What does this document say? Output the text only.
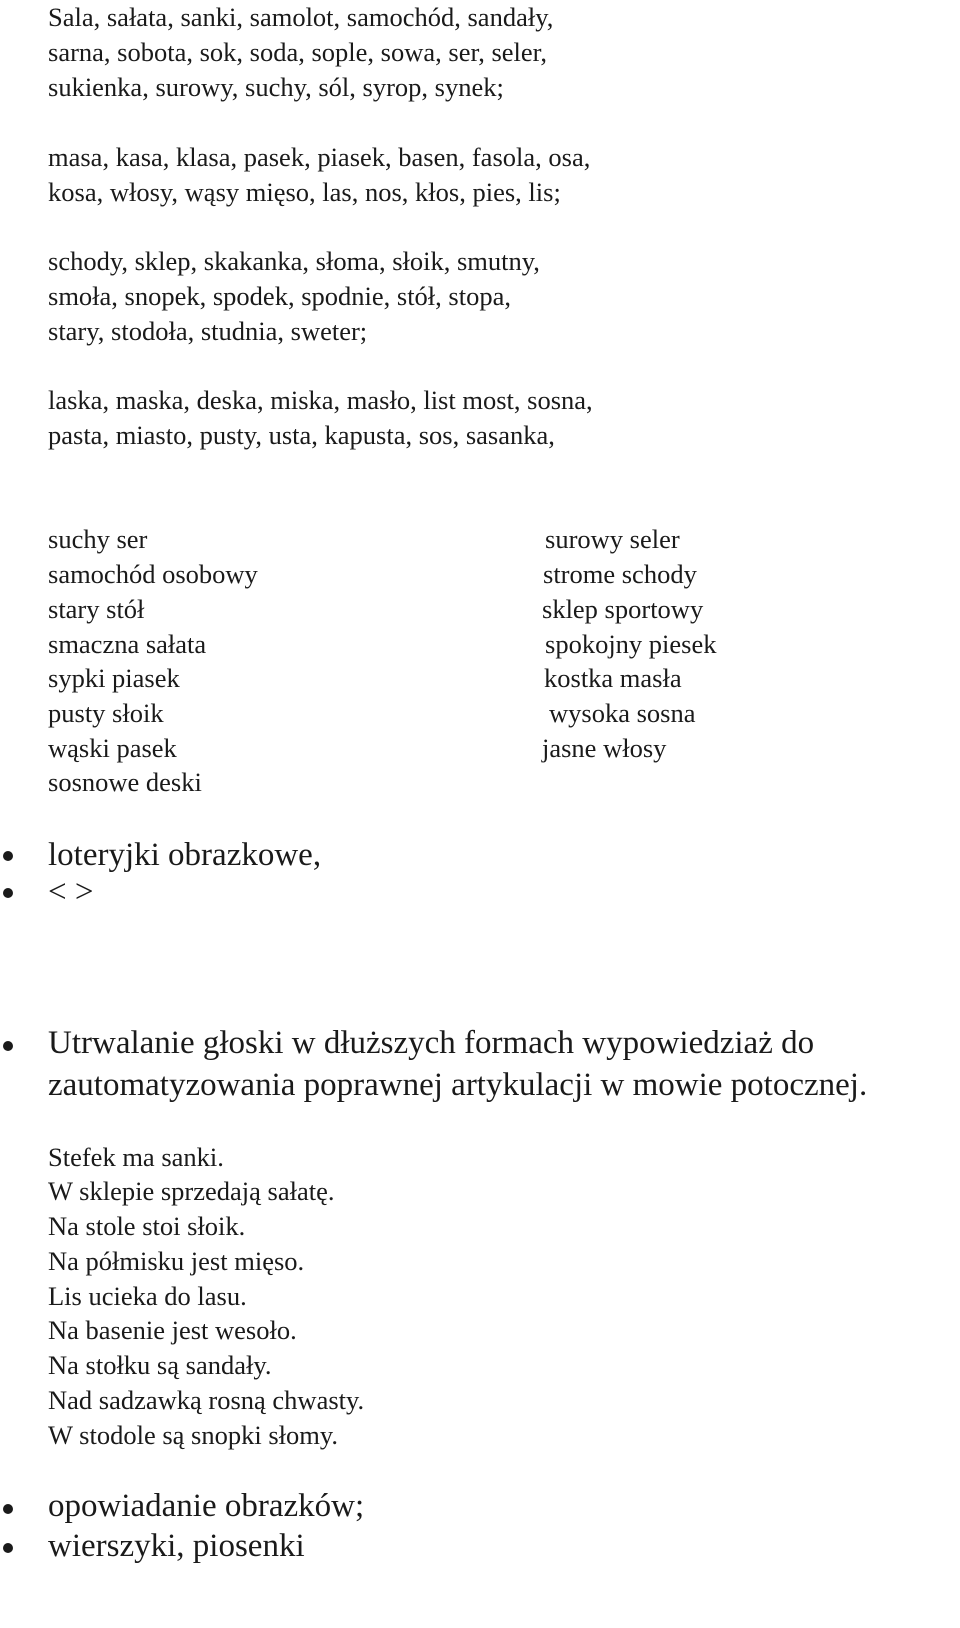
Sala, sałata, sanki, samolot, samochód, sandały,
sarna, sobota, sok, soda, sople, sowa, ser, seler,
sukienka, surowy, suchy, sól, syrop, synek;
masa, kasa, klasa, pasek, piasek, basen, fasola, osa,
kosa, włosy, wąsy mięso, las, nos, kłos, pies, lis;
schody, sklep, skakanka, słoma, słoik, smutny,
smoła, snopek, spodek, spodnie, stół, stopa,
stary, stodoła, studnia, sweter;
laska, maska, deska, miska, masło, list most, sosna,
pasta, miasto, pusty, usta, kapusta, sos, sasanka,
suchy ser
samochód osobowy
stary stół
smaczna sałata
sypki piasek
pusty słoik
wąski pasek
sosnowe deski
surowy seler
strome schody
sklep sportowy
spokojny piesek
kostka masła
wysoka sosna
jasne włosy
loteryjki obrazkowe,
< >
Utrwalanie głoski w dłuższych formach wypowiedziaż do
zautomatyzowania poprawnej artykulacji w mowie potocznej.
Stefek ma sanki.
W sklepie sprzedają sałatę.
Na stole stoi słoik.
Na półmisku jest mięso.
Lis ucieka do lasu.
Na basenie jest wesoło.
Na stołku są sandały.
Nad sadzawką rosną chwasty.
W stodole są snopki słomy.
opowiadanie obrazków;
wierszyki, piosenki
